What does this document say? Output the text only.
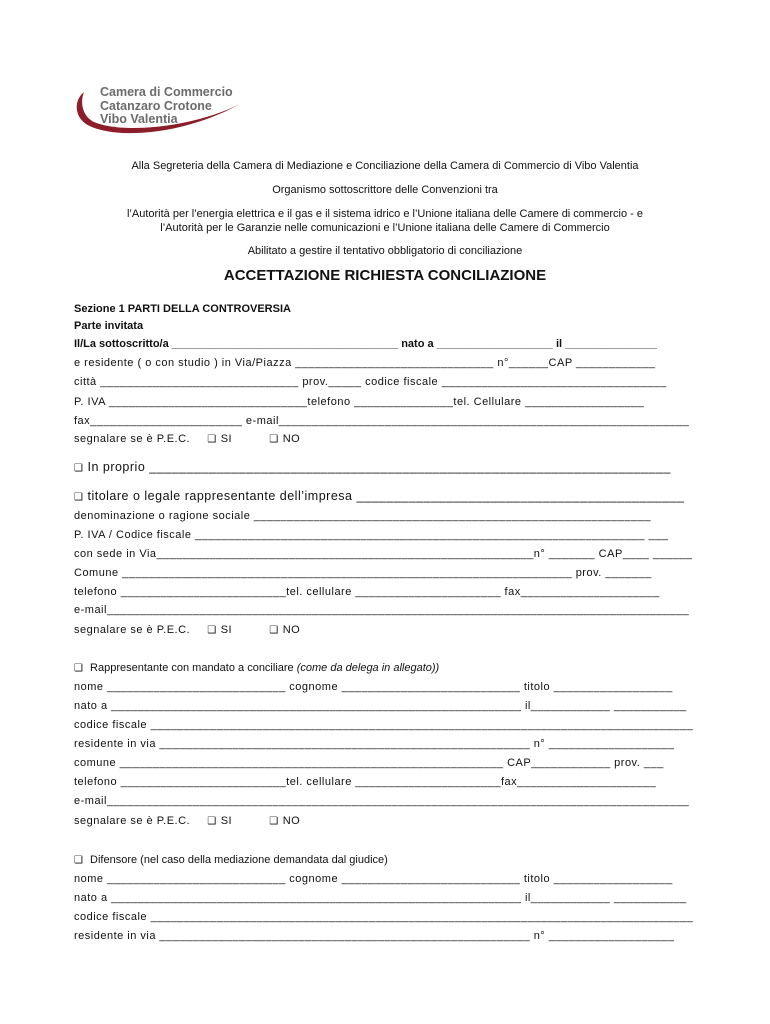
Camera di Commercio
Catanzaro Crotone
Vibo Valentia
Alla Segreteria della Camera di Mediazione e Conciliazione della Camera di Commercio di Vibo Valentia
Organismo sottoscrittore delle Convenzioni tra
l’Autorità per l’energia elettrica e il gas e il sistema idrico e l’Unione italiana delle Camere di commercio - e
l’Autorità per le Garanzie nelle comunicazioni e l’Unione italiana delle Camere di Commercio
Abilitato a gestire il tentativo obbligatorio di conciliazione
ACCETTAZIONE RICHIESTA CONCILIAZIONE
Sezione 1 PARTI DELLA CONTROVERSIA
Parte invitata
Il/La sottoscritto/a _____________________________________ nato a ___________________ il _______________
e residente ( o con studio ) in Via/Piazza ______________________________ n°______CAP ____________
città ______________________________ prov._____ codice fiscale __________________________________
P. IVA ______________________________telefono _______________tel. Cellulare __________________
fax_______________________ e-mail______________________________________________________________
segnalare se è P.E.C. ❑ SI	❑ NO
❑ In proprio ______________________________________________________________________
❑ titolare o legale rappresentante dell’impresa ____________________________________________
denominazione o ragione sociale ____________________________________________________________
P. IVA / Codice fiscale ____________________________________________________________________ ___
con sede in Via_________________________________________________________n° _______ CAP____ ______
Comune ____________________________________________________________________ prov. _______
telefono _________________________tel. cellulare ______________________ fax_____________________
e-mail________________________________________________________________________________________
segnalare se è P.E.C. ❑ SI	❑ NO
❑ Rappresentante con mandato a conciliare (come da delega in allegato))
nome ___________________________ cognome ___________________________ titolo __________________
nato a ______________________________________________________________ il____________ ___________
codice fiscale __________________________________________________________________________________
residente in via ________________________________________________________ n° ___________________
comune __________________________________________________________ CAP____________ prov. ___
telefono _________________________tel. cellulare ______________________fax_____________________
e-mail________________________________________________________________________________________
segnalare se è P.E.C. ❑ SI	❑ NO
❑ Difensore (nel caso della mediazione demandata dal giudice)
nome ___________________________ cognome ___________________________ titolo __________________
nato a ______________________________________________________________ il____________ ___________
codice fiscale __________________________________________________________________________________
residente in via ________________________________________________________ n° ___________________
